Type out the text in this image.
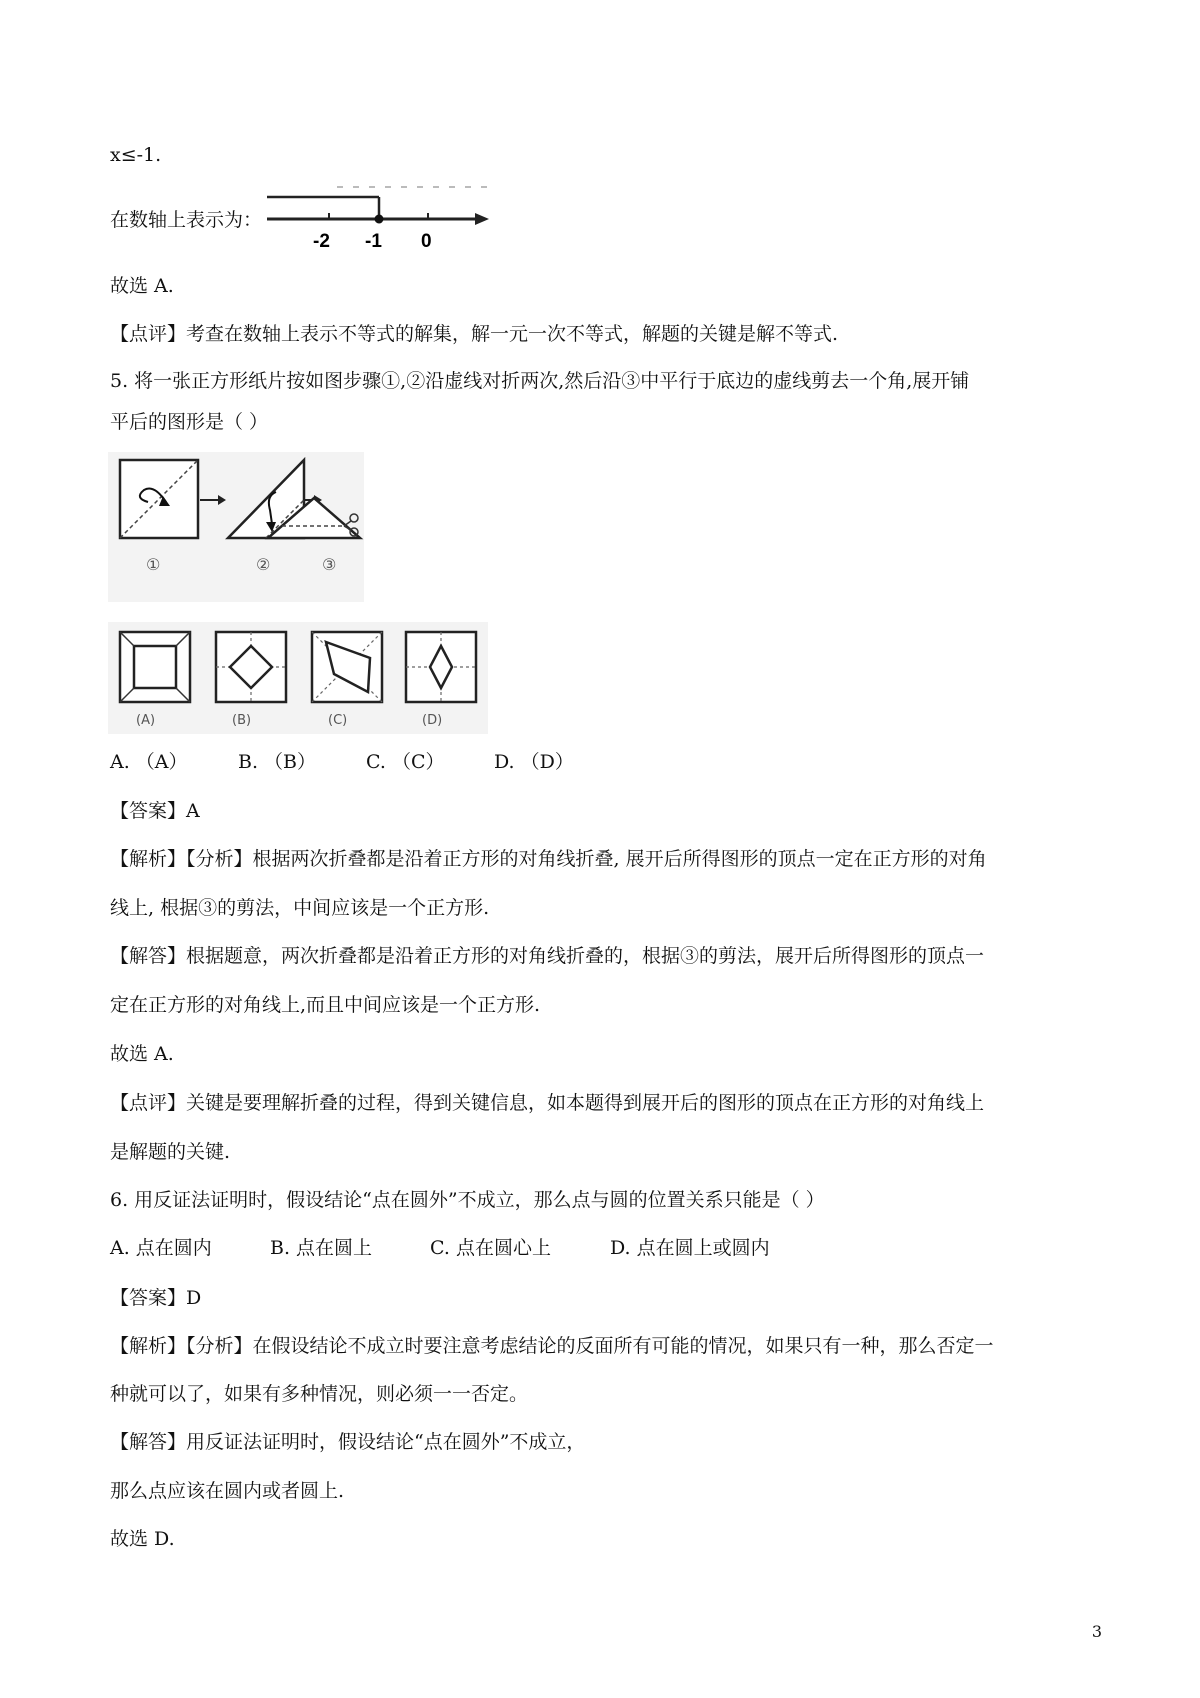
x≤-1.
在数轴上表示为：
-2 -1 0
故选 A.
【点评】考查在数轴上表示不等式的解集，解一元一次不等式，解题的关键是解不等式.
5. 将一张正方形纸片按如图步骤①,②沿虚线对折两次,然后沿③中平行于底边的虚线剪去一个角,展开铺
平后的图形是（ ）
①	②	③
(A)	(B)	(C)	(D)
A. （A）	B. （B）	C. （C）	D. （D）
【答案】A
【解析】【分析】根据两次折叠都是沿着正方形的对角线折叠, 展开后所得图形的顶点一定在正方形的对角
线上, 根据③的剪法，中间应该是一个正方形.
【解答】根据题意，两次折叠都是沿着正方形的对角线折叠的，根据③的剪法，展开后所得图形的顶点一
定在正方形的对角线上,而且中间应该是一个正方形.
故选 A.
【点评】关键是要理解折叠的过程，得到关键信息，如本题得到展开后的图形的顶点在正方形的对角线上
是解题的关键.
6. 用反证法证明时，假设结论“点在圆外”不成立，那么点与圆的位置关系只能是（ ）
A. 点在圆内	B. 点在圆上	C. 点在圆心上	D. 点在圆上或圆内
【答案】D
【解析】【分析】在假设结论不成立时要注意考虑结论的反面所有可能的情况，如果只有一种，那么否定一
种就可以了，如果有多种情况，则必须一一否定。
【解答】用反证法证明时，假设结论“点在圆外”不成立，
那么点应该在圆内或者圆上.
故选 D.
3
